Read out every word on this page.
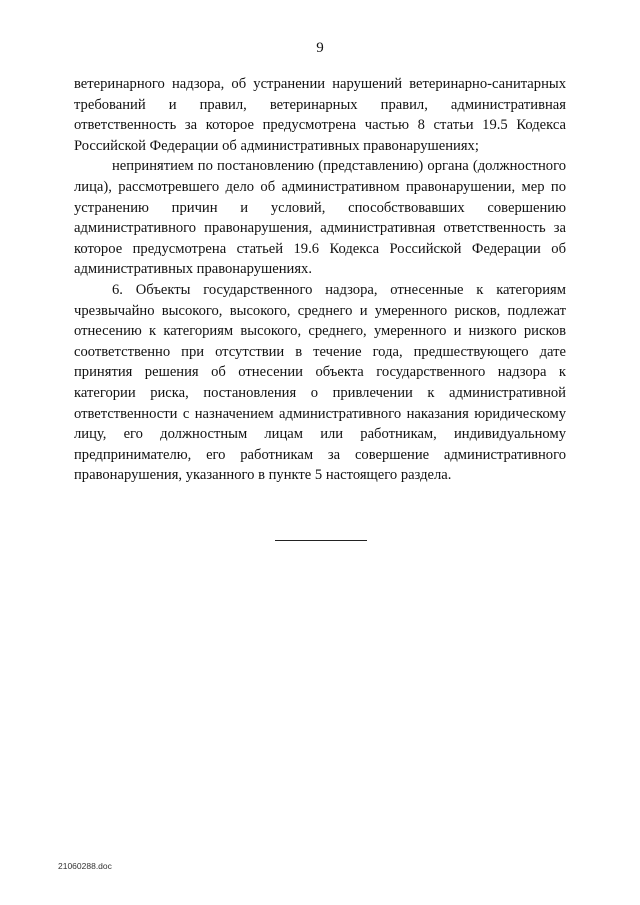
9

ветеринарного надзора, об устранении нарушений ветеринарно-санитарных требований и правил, ветеринарных правил, административная ответственность за которое предусмотрена частью 8 статьи 19.5 Кодекса Российской Федерации об административных правонарушениях;

непринятием по постановлению (представлению) органа (должностного лица), рассмотревшего дело об административном правонарушении, мер по устранению причин и условий, способствовавших совершению административного правонарушения, административная ответственность за которое предусмотрена статьей 19.6 Кодекса Российской Федерации об административных правонарушениях.

6. Объекты государственного надзора, отнесенные к категориям чрезвычайно высокого, высокого, среднего и умеренного рисков, подлежат отнесению к категориям высокого, среднего, умеренного и низкого рисков соответственно при отсутствии в течение года, предшествующего дате принятия решения об отнесении объекта государственного надзора к категории риска, постановления о привлечении к административной ответственности с назначением административного наказания юридическому лицу, его должностным лицам или работникам, индивидуальному предпринимателю, его работникам за совершение административного правонарушения, указанного в пункте 5 настоящего раздела.

21060288.doc
